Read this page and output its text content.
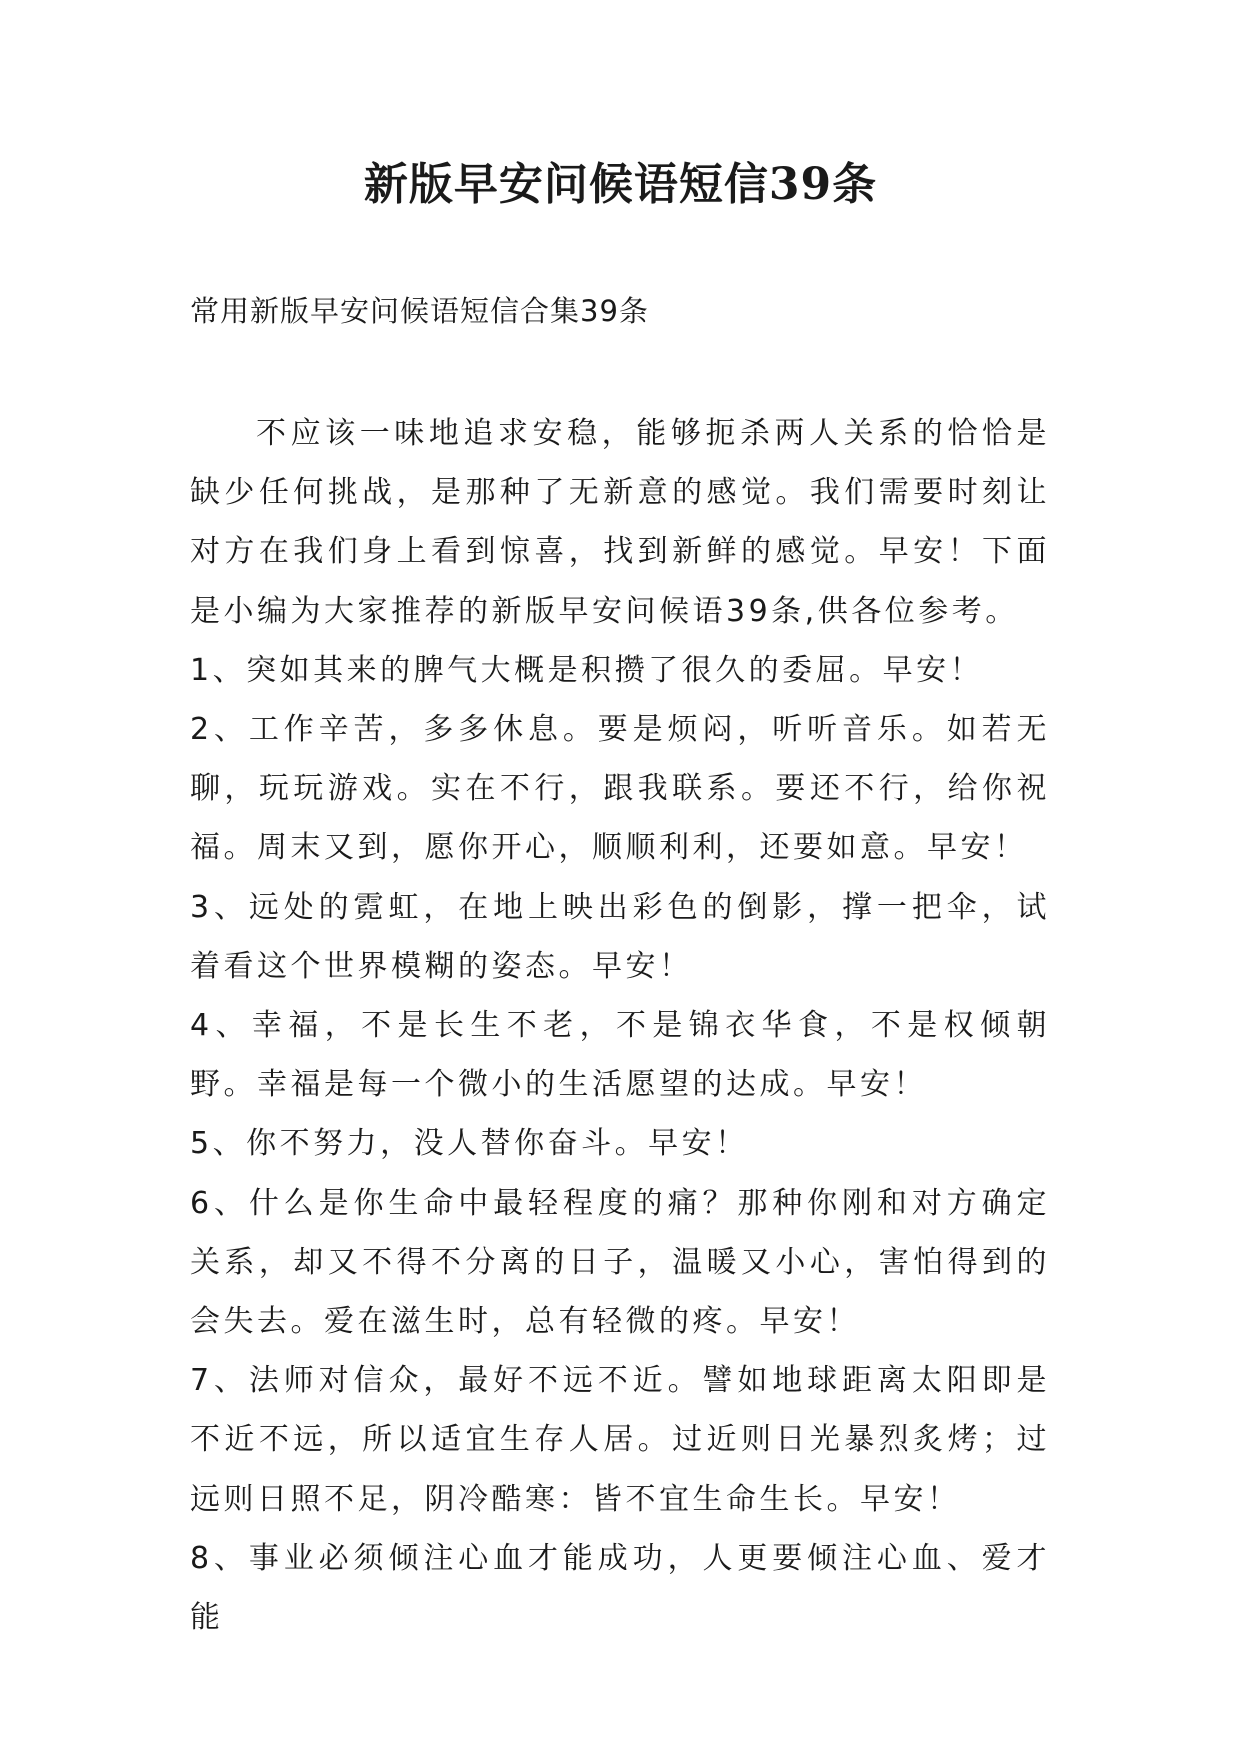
新版早安问候语短信39条

常用新版早安问候语短信合集39条

不应该一味地追求安稳，能够扼杀两人关系的恰恰是缺少任何挑战，是那种了无新意的感觉。我们需要时刻让对方在我们身上看到惊喜，找到新鲜的感觉。早安！下面是小编为大家推荐的新版早安问候语39条,供各位参考。

1、突如其来的脾气大概是积攒了很久的委屈。早安！

2、工作辛苦，多多休息。要是烦闷，听听音乐。如若无聊，玩玩游戏。实在不行，跟我联系。要还不行，给你祝福。周末又到，愿你开心，顺顺利利，还要如意。早安！

3、远处的霓虹，在地上映出彩色的倒影，撑一把伞，试着看这个世界模糊的姿态。早安！

4、幸福，不是长生不老，不是锦衣华食，不是权倾朝野。幸福是每一个微小的生活愿望的达成。早安！

5、你不努力，没人替你奋斗。早安！

6、什么是你生命中最轻程度的痛？那种你刚和对方确定关系，却又不得不分离的日子，温暖又小心，害怕得到的会失去。爱在滋生时，总有轻微的疼。早安！

7、法师对信众，最好不远不近。譬如地球距离太阳即是不近不远，所以适宜生存人居。过近则日光暴烈炙烤；过远则日照不足，阴冷酷寒：皆不宜生命生长。早安！

8、事业必须倾注心血才能成功，人更要倾注心血、爱才能
